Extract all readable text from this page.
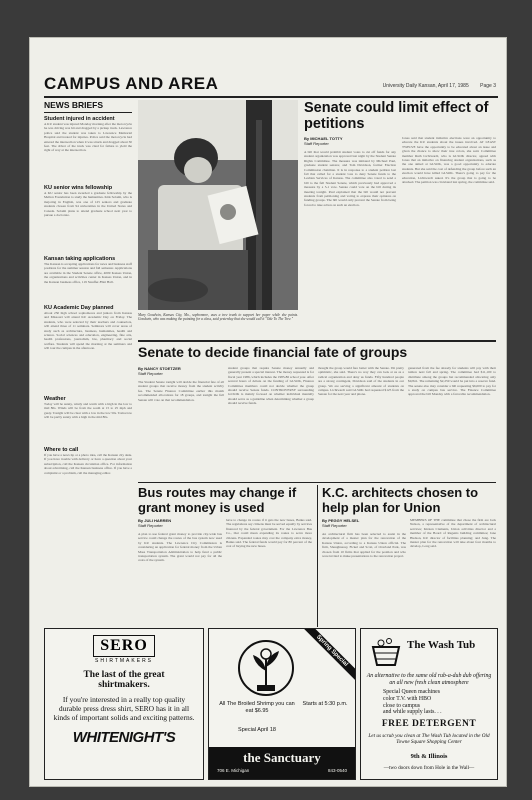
CAMPUS AND AREA	University Daily Kansan, April 17, 1985 Page 3
NEWS BRIEFS
Student injured in accident
A KU student was injured Monday morning after the motorcycle he was driving was hit and dragged by a pickup truck. Lawrence police said the student was taken to Lawrence Memorial Hospital and treated for injuries. Police said the motorcycle had entered the intersection when it was struck and dragged about 30 feet. The driver of the truck was cited for failure to yield the right of way at the intersection.
KU senior wins fellowship
A KU senior has been awarded a graduate fellowship by the Mellon Foundation to study the humanities. Kirk Solami, who is majoring in English, was one of 125 seniors and graduate students chosen from 94 universities in the United States and Canada. Solami plans to attend graduate school next year to pursue a doctorate.
Kansan taking applications
The Kansan is accepting applications for news and business staff positions for the summer session and fall semester. Applications are available in the Student Senate office, 4009 Kansas Union, the organizations and activities center in Kansas Union, and in the Kansan business office, 119 Stauffer-Flint Hall.
KU Academic Day planned
About 250 high school sophomores and juniors from Kansas and Missouri will attend KU Academic Day on Friday. The students, who were selected by their teachers and counselors, will attend three of 11 seminars. Seminars will cover areas of study such as architecture, business, humanities, health and science. Social sciences and education, engineering, fine arts, health professions, journalism, law, pharmacy and social welfare. Students will spend the morning at the seminars and will tour the campus in the afternoon.
Weather
Today will be sunny, windy and warm with a high in the low to mid 80s. Winds will be from the south at 15 to 25 mph and gusty. Tonight will be clear with a low in the low 50s. Tomorrow will be partly sunny with a high in the mid 80s.
Where to call
If you have a news tip or a photo idea, call the Kansan city desk. If you have trouble with delivery or have a question about your subscription, call the Kansan circulation office. For information about advertising, call the Kansan business office. If you have a complaint or a problem, call the managing editor.
Mary Goodwin, Kansas City, Mo., sophomore, uses a tree trunk to support her paper while she paints. Goodwin, who was making the painting for a class, said yesterday that she would call it "Ode To The Tree."
Senate could limit effect of petitions
By MICHAEL TOTTY
Staff Reporter
A bill that would prohibit student votes to cut off funds for any student organization was approved last night by the Student Senate Rights Committee. The measure was initiated by Michael Paul, graduate student senator, and Tom Davidson, former Election Commission chairman. It is in response to a student petition last fall that called for a student vote to deny Senate funds to the Lesbian Services of Kansas. The committee also voted to send a bill to the full Student Senate, which previously had approved a measure by a 5-1 vote. Senate could vote on the bill during its meeting tonight. Paul explained that the bill would not prevent students from petitioning and voting to express their opinions on funding groups. The bill would only prevent the Senate from being forced to take action on such an election.
Jones said that student initiative elections were an opportunity to educate the KU students about the issues involved. AT LEAST TWELVE have the opportunity to be educated about an issue and given the chance to show their true colors, she said. Committee member Ruth Lichtwardt, who is GLSOK director, agreed with Jones that an initiative on financing student organizations, such as the one aimed at GLSOK, was a good opportunity to educate students. But she said the cost of defending the group before such an election would have killed GLSOK. There's going to pay for the education, Lichtwardt asked. It's the group that is going to be attacked. The petition was circulated last spring, the committee said.
Senate to decide financial fate of groups
By NANCY STOETZER
Staff Reporter
The Student Senate tonight will decide the financial fate of all student groups that receive money from the student activity fee. The Senate Finance Committee earlier this month recommended allocations for 18 groups, and tonight the full Senate will vote on that recommendation.
student groups that require Senate money annually and generally present a special interest. The money requested is for fiscal year 1986, which includes the 1985-86 school year. After several hours of debate on the funding of GLSOK, Finance Committee members could not decide whether the group should receive Senate funds. CONTROVERSY surrounding GLSOK is mainly focused on whether individual mentally should serve as a guideline when determining whether a group should receive funds.
thought the group would fare better with the Senate. I'm pretty optimistic, she said. There's no way they can look at us as a radical organization and deny us funds. Fifty hundred people are a strong contingent, Davidson said of the students in our group. We are serving a significant amount of students on campus. Lichtwardt said GLSOK had requested $125 from the Senate for the next year and phone.
generated from the fee already for students will pay with their tuition next fall and spring. The committee had $11,100 to distribute among the groups but recommended allocating only $9,841. The remaining $2,259 would be put into a reserve fund. The senate also may consider a bill requesting $6,000 to pay for a study on campus bus service. The Finance Committee approved the bill Monday with a favorable recommendation.
Bus routes may change if grant money is used
By JULI HARREN
Staff Reporter
A plan to use federal grant money to provide city-wide bus service could change the routes of the bus system now used by KU students. The Lawrence City Commission is considering an application for federal money from the Urban Mass Transportation Administration to help fund a public transportation system. The grant would not pay for all the costs of the system.
have to change its routes if it gets the new buses, Banks said. The regulations say citizens must be served equally by services financed by the federal government. For the Lawrence Bus Co., that could mean expanding its routes to serve more citizens. Expanded routes may cost the company extra money, Banks said. The federal funds would pay for 80 percent of the cost of buying the new buses.
K.C. architects chosen to help plan for Union
By PEGGY HELSEL
Staff Reporter
An architectural firm has been selected to assist in the development of a master plan for the renovation of the Kansas Union, according to a Kansas Union official. The firm, Shaughnessy, Fickel and Scott, of Overland Park, was chosen from 10 firms that applied for the position and who were invited to make presentations to the renovation project.
MEMBERS OF THE committee that chose the firm are Jack Nelson, a representative of the department of architectural services; Kirsten Clements, Union activities director and a member of the Board of Regents building committee; Jane Hudson, KU director of facilities planning; and Jung. The master plan for the renovation will take about four months to develop, Long said.
SERO
SHIRTMAKERS
The last of the great shirtmakers.
If you're interested in a really top quality durable press dress shirt, SERO has it in all kinds of important solids and exciting patterns.
WHITENIGHT'S
Spring Special
All The Broiled Shrimp you can eat $6.95
Special April 18
Starts at 5:30 p.m.
the Sanctuary
706 E. Michigan	843-0540
The Wash Tub
An alternative to the same old rub-a-dub dub offering an all new fresh clean atmosphere
Special Queen machines
color T.V. with HBO
close to campus
and while supply lasts. . .
FREE DETERGENT
Let us scrub you clean at The Wash Tub located in the Old Towne Square Shopping Center
9th & Illinois
—two doors down from Hole in the Wall—
